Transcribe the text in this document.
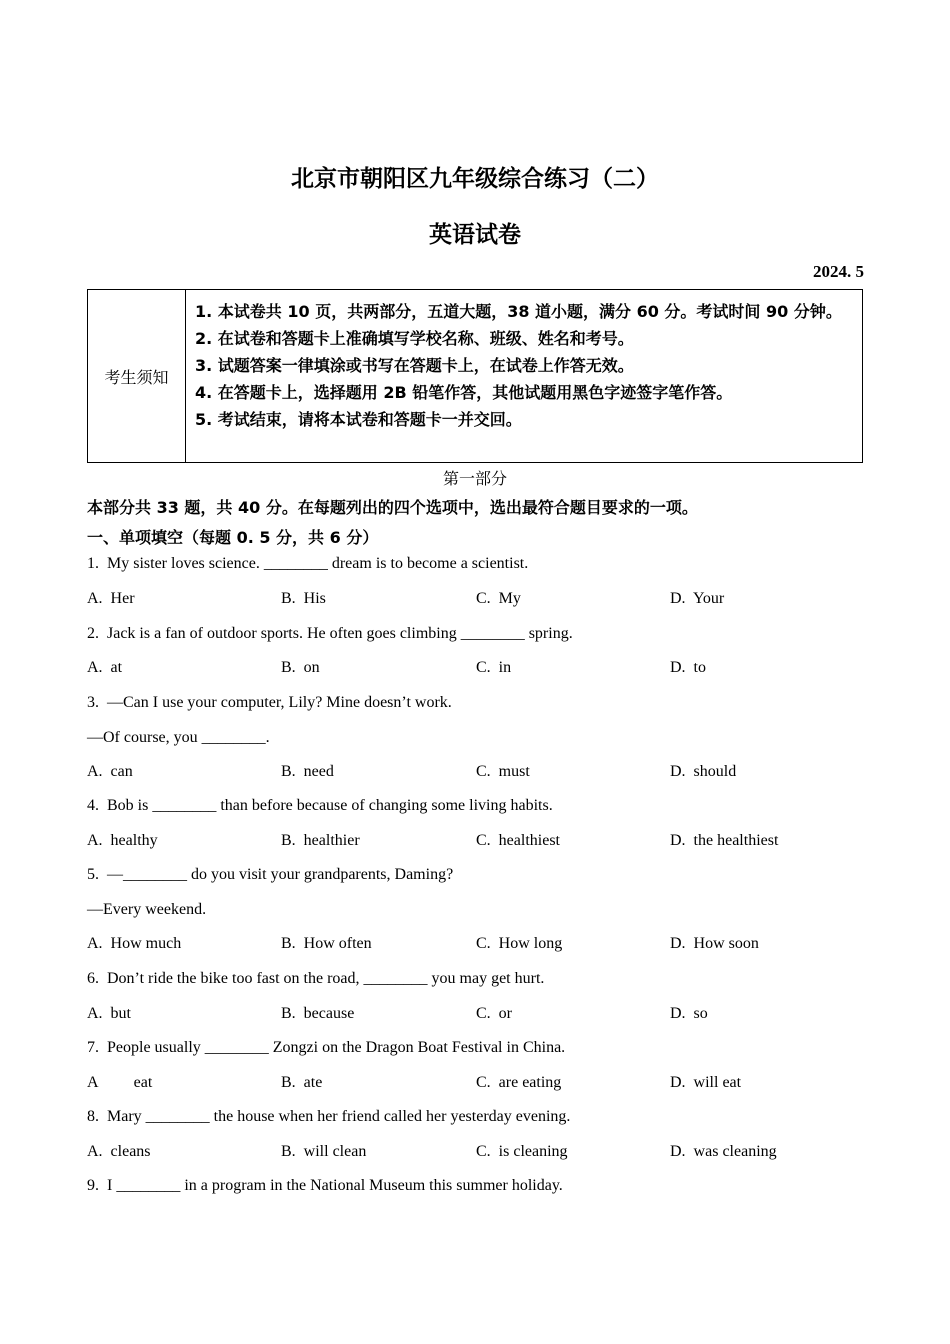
北京市朝阳区九年级综合练习（二）
英语试卷
2024. 5
考生须知
1. 本试卷共 10 页，共两部分，五道大题，38 道小题，满分 60 分。考试时间 90 分钟。
2. 在试卷和答题卡上准确填写学校名称、班级、姓名和考号。
3. 试题答案一律填涂或书写在答题卡上，在试卷上作答无效。
4. 在答题卡上，选择题用 2B 铅笔作答，其他试题用黑色字迹签字笔作答。
5. 考试结束，请将本试卷和答题卡一并交回。
第一部分
本部分共 33 题，共 40 分。在每题列出的四个选项中，选出最符合题目要求的一项。
一、单项填空（每题 0. 5 分，共 6 分）
1.  My sister loves science. ________ dream is to become a scientist.
A.  Her	B.  His	C.  My	D.  Your
2.  Jack is a fan of outdoor sports. He often goes climbing ________ spring.
A.  at	B.  on	C.  in	D.  to
3.  —Can I use your computer, Lily? Mine doesn’t work.
—Of course, you ________.
A.  can	B.  need	C.  must	D.  should
4.  Bob is ________ than before because of changing some living habits.
A.  healthy	B.  healthier	C.  healthiest	D.  the healthiest
5.  —________ do you visit your grandparents, Daming?
—Every weekend.
A.  How much	B.  How often	C.  How long	D.  How soon
6.  Don’t ride the bike too fast on the road, ________ you may get hurt.
A.  but	B.  because	C.  or	D.  so
7.  People usually ________ Zongzi on the Dragon Boat Festival in China.
A         eat	B.  ate	C.  are eating	D.  will eat
8.  Mary ________ the house when her friend called her yesterday evening.
A.  cleans	B.  will clean	C.  is cleaning	D.  was cleaning
9.  I ________ in a program in the National Museum this summer holiday.
